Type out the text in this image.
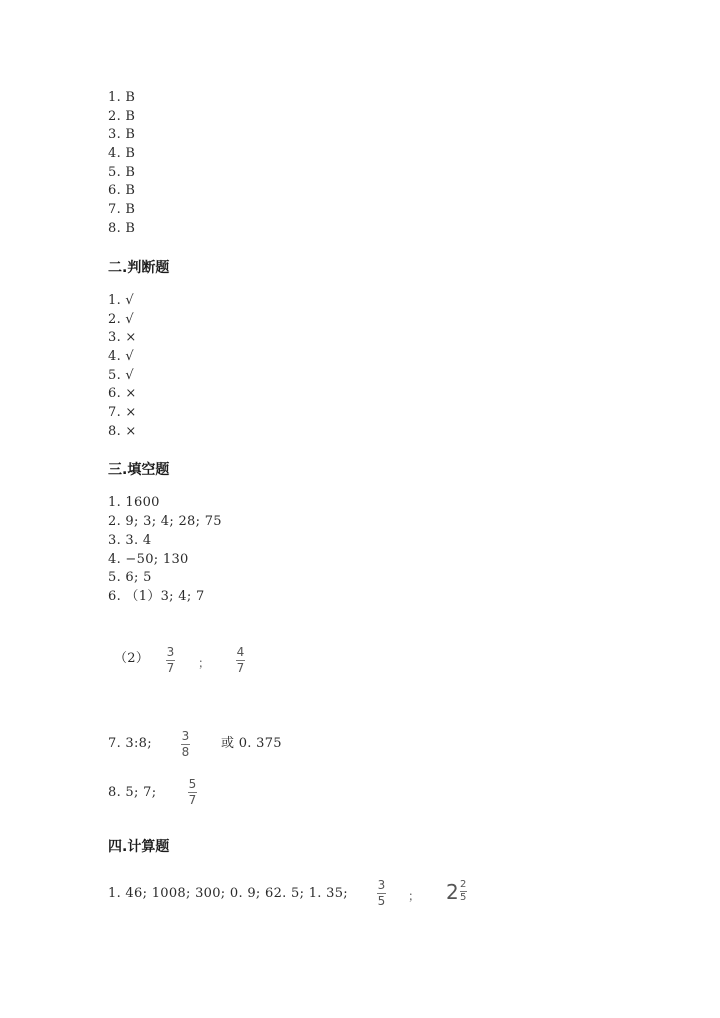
1. B
2. B
3. B
4. B
5. B
6. B
7. B
8. B
二.判断题
1. √
2. √
3. ×
4. √
5. √
6. ×
7. ×
8. ×
三.填空题
1. 1600
2. 9; 3; 4; 28; 75
3. 3. 4
4. −50; 130
5. 6; 5
6. （1）3; 4; 7
（2） 3
7 ；
4
7
7. 3:8; 3
8
或 0. 375
8. 5; 7;
5
7
四.计算题
1. 46; 1008; 300; 0. 9; 62. 5; 1. 35;
3
5 ； $2 \frac{2}{5}$
